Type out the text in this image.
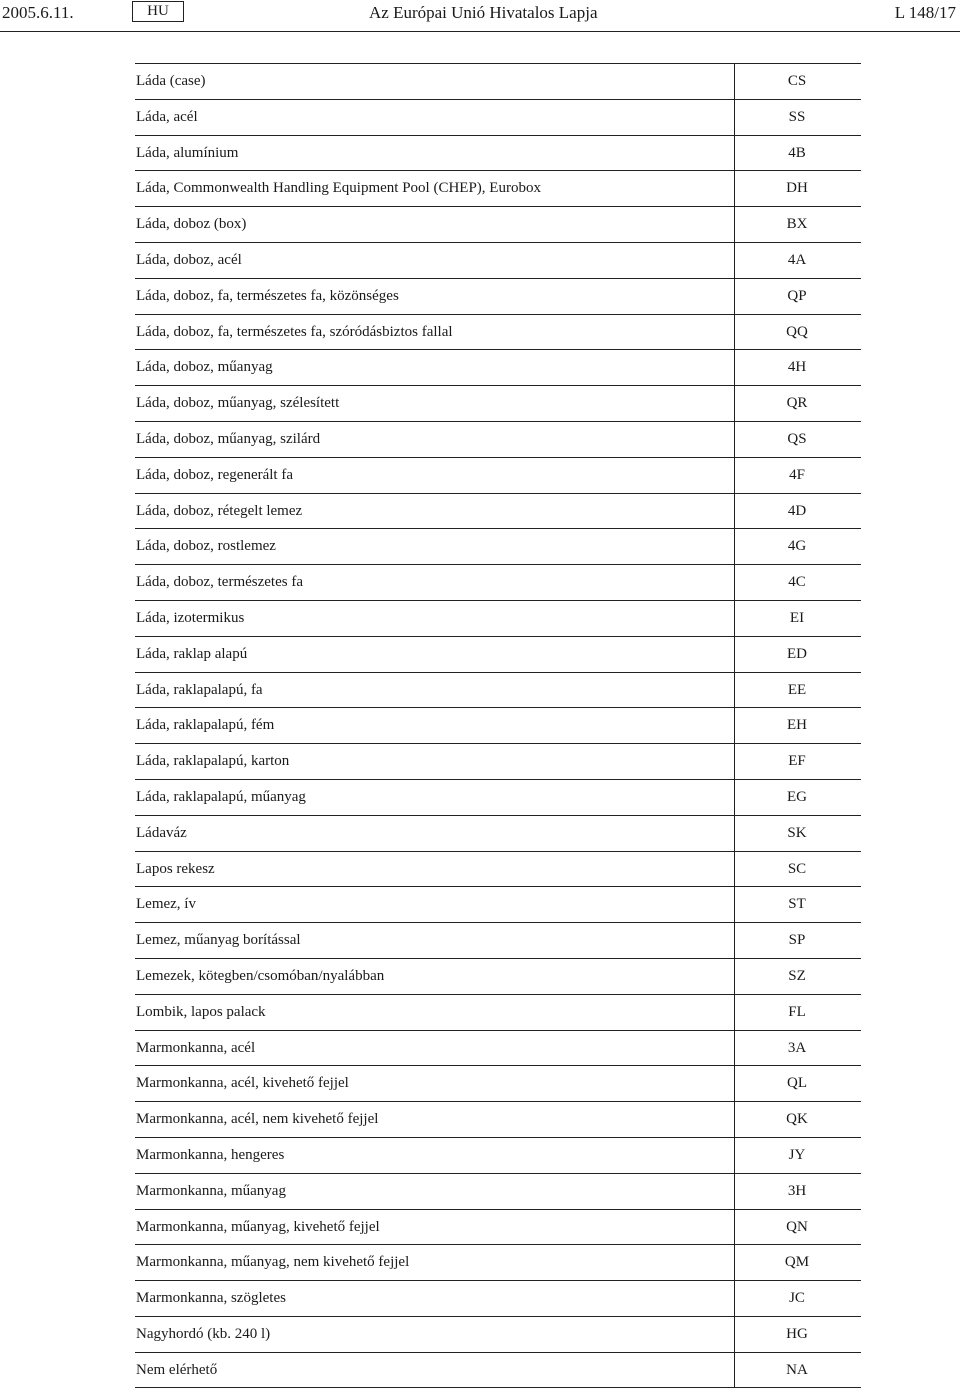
2005.6.11.	HU	Az Európai Unió Hivatalos Lapja	L 148/17
Láda (case)	CS
Láda, acél	SS
Láda, alumínium	4B
Láda, Commonwealth Handling Equipment Pool (CHEP), Eurobox	DH
Láda, doboz (box)	BX
Láda, doboz, acél	4A
Láda, doboz, fa, természetes fa, közönséges	QP
Láda, doboz, fa, természetes fa, szóródásbiztos fallal	QQ
Láda, doboz, műanyag	4H
Láda, doboz, műanyag, szélesített	QR
Láda, doboz, műanyag, szilárd	QS
Láda, doboz, regenerált fa	4F
Láda, doboz, rétegelt lemez	4D
Láda, doboz, rostlemez	4G
Láda, doboz, természetes fa	4C
Láda, izotermikus	EI
Láda, raklap alapú	ED
Láda, raklapalapú, fa	EE
Láda, raklapalapú, fém	EH
Láda, raklapalapú, karton	EF
Láda, raklapalapú, műanyag	EG
Ládaváz	SK
Lapos rekesz	SC
Lemez, ív	ST
Lemez, műanyag borítással	SP
Lemezek, kötegben/csomóban/nyalábban	SZ
Lombik, lapos palack	FL
Marmonkanna, acél	3A
Marmonkanna, acél, kivehető fejjel	QL
Marmonkanna, acél, nem kivehető fejjel	QK
Marmonkanna, hengeres	JY
Marmonkanna, műanyag	3H
Marmonkanna, műanyag, kivehető fejjel	QN
Marmonkanna, műanyag, nem kivehető fejjel	QM
Marmonkanna, szögletes	JC
Nagyhordó (kb. 240 l)	HG
Nem elérhető	NA
